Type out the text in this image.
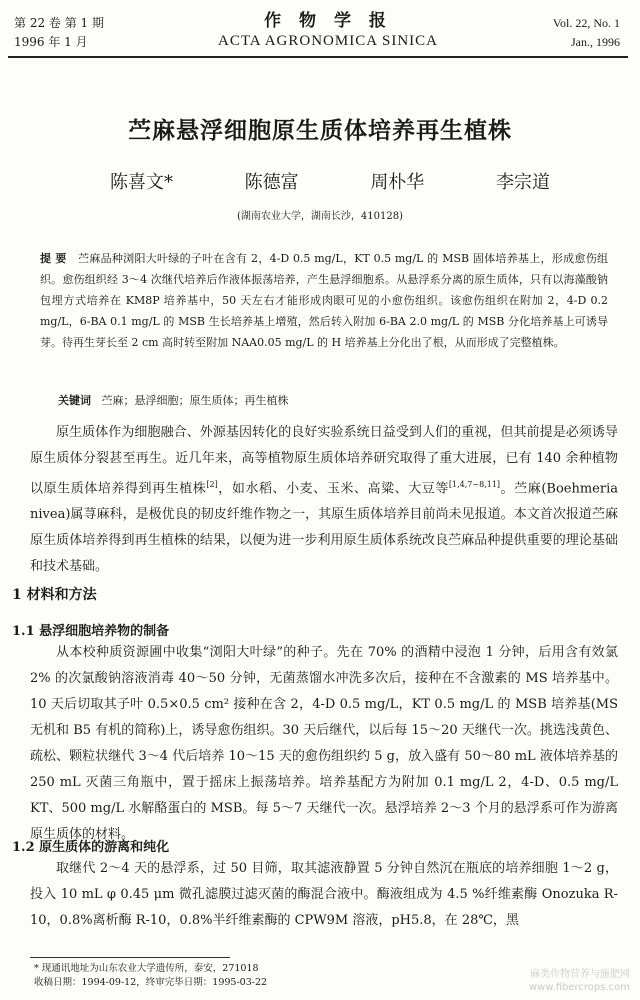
第 22 卷 第 1 期
1996 年 1 月
作 物 学 报
ACTA AGRONOMICA SINICA
Vol. 22, No. 1
Jan., 1996
苎麻悬浮细胞原生质体培养再生植株
陈喜文*	陈德富	周朴华	李宗道
(湖南农业大学，湖南长沙，410128)
提 要 苎麻品种浏阳大叶绿的子叶在含有 2，4-D 0.5 mg/L，KT 0.5 mg/L 的 MSB 固体培养基上，形成愈伤组织。愈伤组织经 3～4 次继代培养后作液体振荡培养，产生悬浮细胞系。从悬浮系分离的原生质体，只有以海藻酸钠包埋方式培养在 KM8P 培养基中，50 天左右才能形成肉眼可见的小愈伤组织。该愈伤组织在附加 2，4-D 0.2 mg/L，6-BA 0.1 mg/L 的 MSB 生长培养基上增殖，然后转入附加 6-BA 2.0 mg/L 的 MSB 分化培养基上可诱导芽。待再生芽长至 2 cm 高时转至附加 NAA0.05 mg/L 的 H 培养基上分化出了根，从而形成了完整植株。
关键词 苎麻；悬浮细胞；原生质体；再生植株

原生质体作为细胞融合、外源基因转化的良好实验系统日益受到人们的重视，但其前提是必须诱导原生质体分裂甚至再生。近几年来，高等植物原生质体培养研究取得了重大进展，已有 140 余种植物以原生质体培养得到再生植株[2]，如水稻、小麦、玉米、高粱、大豆等[1,4,7~8,11]。苎麻(Boehmeria nivea)属荨麻科，是极优良的韧皮纤维作物之一，其原生质体培养目前尚未见报道。本文首次报道苎麻原生质体培养得到再生植株的结果，以便为进一步利用原生质体系统改良苎麻品种提供重要的理论基础和技术基础。

1 材料和方法
1.1 悬浮细胞培养物的制备

从本校种质资源圃中收集“浏阳大叶绿”的种子。先在 70% 的酒精中浸泡 1 分钟，后用含有效氯 2% 的次氯酸钠溶液消毒 40～50 分钟，无菌蒸馏水冲洗多次后，接种在不含激素的 MS 培养基中。10 天后切取其子叶 0.5×0.5 cm² 接种在含 2，4-D 0.5 mg/L，KT 0.5 mg/L 的 MSB 培养基(MS 无机和 B5 有机的简称)上，诱导愈伤组织。30 天后继代，以后每 15～20 天继代一次。挑选浅黄色、疏松、颗粒状继代 3～4 代后培养 10～15 天的愈伤组织约 5 g，放入盛有 50～80 mL 液体培养基的 250 mL 灭菌三角瓶中，置于摇床上振荡培养。培养基配方为附加 0.1 mg/L 2，4-D、0.5 mg/L KT、500 mg/L 水解酪蛋白的 MSB。每 5～7 天继代一次。悬浮培养 2～3 个月的悬浮系可作为游离原生质体的材料。

1.2 原生质体的游离和纯化

取继代 2～4 天的悬浮系，过 50 目筛，取其滤液静置 5 分钟自然沉在瓶底的培养细胞 1～2 g，投入 10 mL φ 0.45 μm 微孔滤膜过滤灭菌的酶混合液中。酶液组成为 4.5 %纤维素酶 Onozuka R-10，0.8%离析酶 R-10，0.8%半纤维素酶的 CPW9M 溶液，pH5.8，在 28℃，黑

* 现通讯地址为山东农业大学遗传所，泰安，271018
收稿日期：1994-09-12，终审完毕日期：1995-03-22
麻类作物营养与施肥网
www.fibercrops.com
